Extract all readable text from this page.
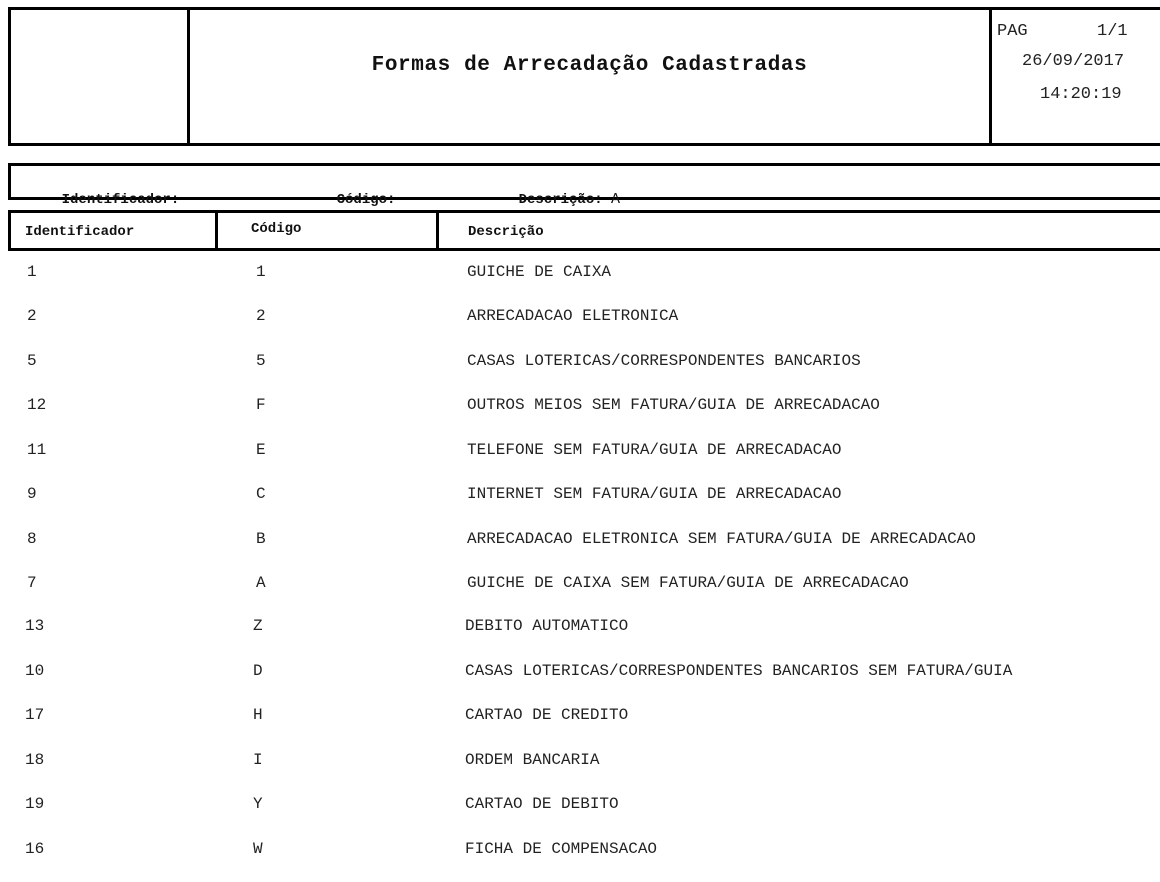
Formas de Arrecadação Cadastradas
PAG	1/1
26/09/2017
14:20:19

Identificador:
	Código:
	Descrição: A

Identificador	Código	Descrição
1	1	GUICHE DE CAIXA
2	2	ARRECADACAO ELETRONICA
5	5	CASAS LOTERICAS/CORRESPONDENTES BANCARIOS
12	F	OUTROS MEIOS SEM FATURA/GUIA DE ARRECADACAO
11	E	TELEFONE SEM FATURA/GUIA DE ARRECADACAO
9	C	INTERNET SEM FATURA/GUIA DE ARRECADACAO
8	B	ARRECADACAO ELETRONICA SEM FATURA/GUIA DE ARRECADACAO
7	A	GUICHE DE CAIXA SEM FATURA/GUIA DE ARRECADACAO
13	Z	DEBITO AUTOMATICO
10	D	CASAS LOTERICAS/CORRESPONDENTES BANCARIOS SEM FATURA/GUIA
17	H	CARTAO DE CREDITO
18	I	ORDEM BANCARIA
19	Y	CARTAO DE DEBITO
16	W	FICHA DE COMPENSACAO
